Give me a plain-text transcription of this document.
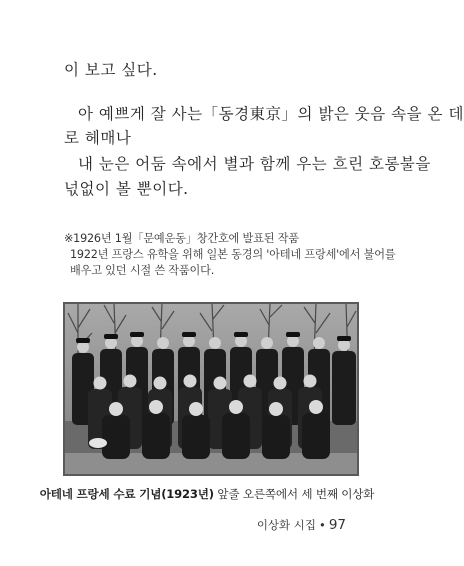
이 보고 싶다.
아 예쁘게 잘 사는「동경東京」의 밝은 웃음 속을 온 데
로 헤매나
내 눈은 어둠 속에서 별과 함께 우는 흐린 호롱불을
넋없이 볼 뿐이다.
※1926년 1월「문예운동」창간호에 발표된 작품
1922년 프랑스 유학을 위해 일본 동경의 '아테네 프랑세'에서 불어를
배우고 있던 시절 쓴 작품이다.
아테네 프랑세 수료 기념(1923년) 앞줄 오른쪽에서 세 번째 이상화
이상화 시집 • 97
